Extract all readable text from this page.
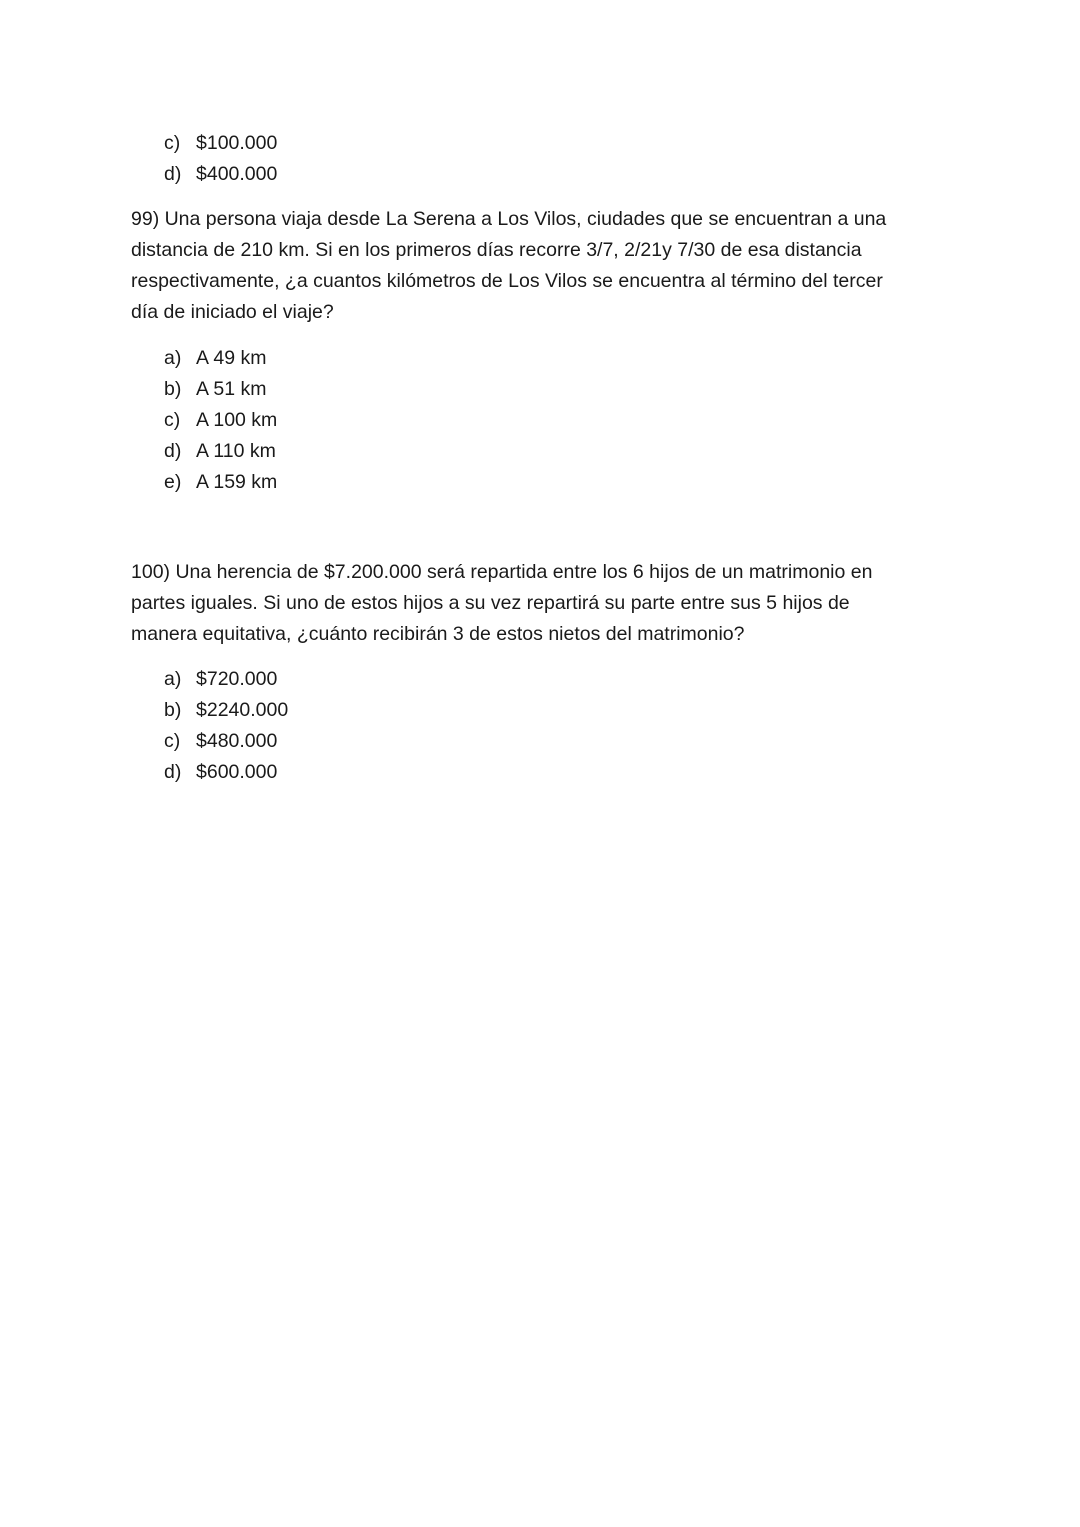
c) $100.000
d) $400.000

99) Una persona viaja desde La Serena a Los Vilos, ciudades que se encuentran a una
distancia de 210 km. Si en los primeros días recorre 3/7, 2/21y 7/30 de esa distancia
respectivamente, ¿a cuantos kilómetros de Los Vilos se encuentra al término del tercer
día de iniciado el viaje?

a) A 49 km
b) A 51 km
c) A 100 km
d) A 110 km
e) A 159 km

100) Una herencia de $7.200.000 será repartida entre los 6 hijos de un matrimonio en
partes iguales. Si uno de estos hijos a su vez repartirá su parte entre sus 5 hijos de
manera equitativa, ¿cuánto recibirán 3 de estos nietos del matrimonio?

a) $720.000
b) $2240.000
c) $480.000
d) $600.000
